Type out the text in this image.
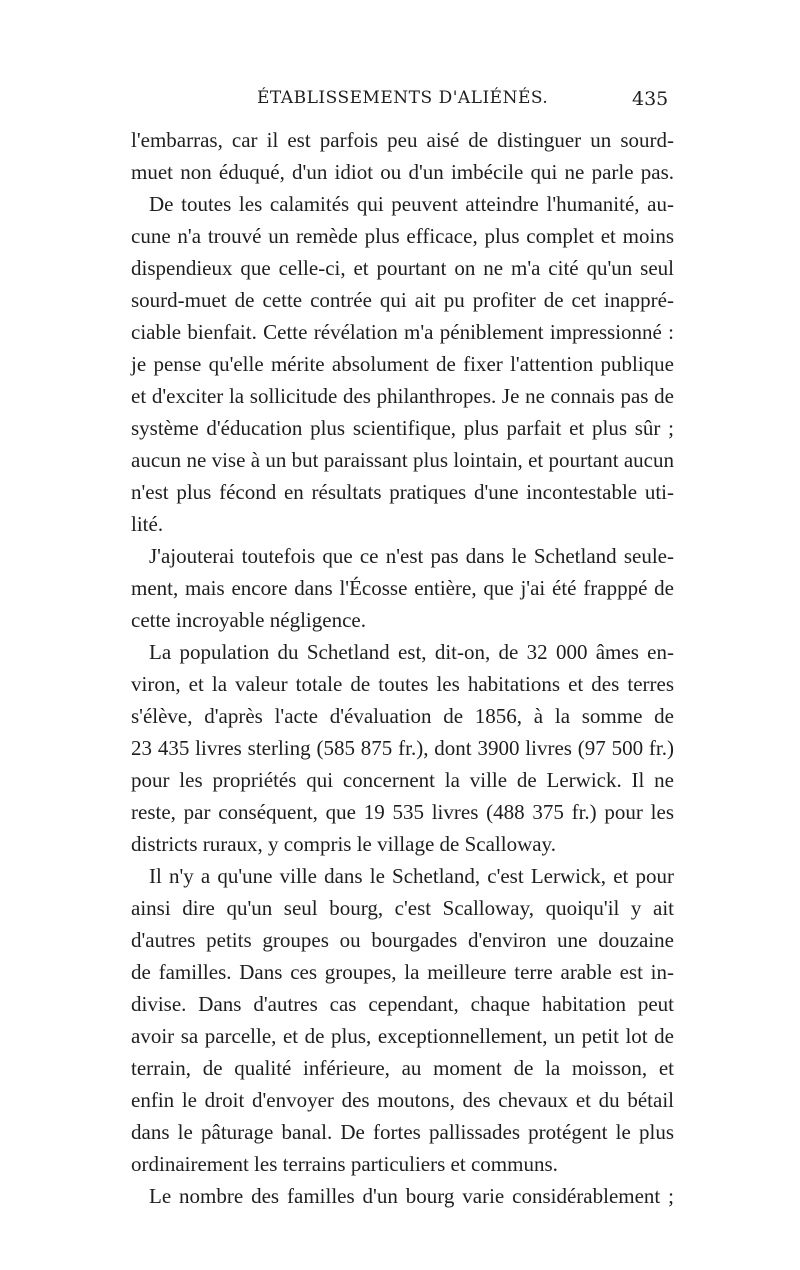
ÉTABLISSEMENTS D'ALIÉNÉS.	435
l'embarras, car il est parfois peu aisé de distinguer un sourd-
muet non éduqué, d'un idiot ou d'un imbécile qui ne parle pas.
De toutes les calamités qui peuvent atteindre l'humanité, au-
cune n'a trouvé un remède plus efficace, plus complet et moins
dispendieux que celle-ci, et pourtant on ne m'a cité qu'un seul
sourd-muet de cette contrée qui ait pu profiter de cet inappré-
ciable bienfait. Cette révélation m'a péniblement impressionné :
je pense qu'elle mérite absolument de fixer l'attention publique
et d'exciter la sollicitude des philanthropes. Je ne connais pas de
système d'éducation plus scientifique, plus parfait et plus sûr ;
aucun ne vise à un but paraissant plus lointain, et pourtant aucun
n'est plus fécond en résultats pratiques d'une incontestable uti-
lité.
J'ajouterai toutefois que ce n'est pas dans le Schetland seule-
ment, mais encore dans l'Écosse entière, que j'ai été frapppé de
cette incroyable négligence.
La population du Schetland est, dit-on, de 32 000 âmes en-
viron, et la valeur totale de toutes les habitations et des terres
s'élève, d'après l'acte d'évaluation de 1856, à la somme de
23 435 livres sterling (585 875 fr.), dont 3900 livres (97 500 fr.)
pour les propriétés qui concernent la ville de Lerwick. Il ne
reste, par conséquent, que 19 535 livres (488 375 fr.) pour les
districts ruraux, y compris le village de Scalloway.
Il n'y a qu'une ville dans le Schetland, c'est Lerwick, et pour
ainsi dire qu'un seul bourg, c'est Scalloway, quoiqu'il y ait
d'autres petits groupes ou bourgades d'environ une douzaine
de familles. Dans ces groupes, la meilleure terre arable est in-
divise. Dans d'autres cas cependant, chaque habitation peut
avoir sa parcelle, et de plus, exceptionnellement, un petit lot de
terrain, de qualité inférieure, au moment de la moisson, et
enfin le droit d'envoyer des moutons, des chevaux et du bétail
dans le pâturage banal. De fortes pallissades protégent le plus
ordinairement les terrains particuliers et communs.
Le nombre des familles d'un bourg varie considérablement ;
